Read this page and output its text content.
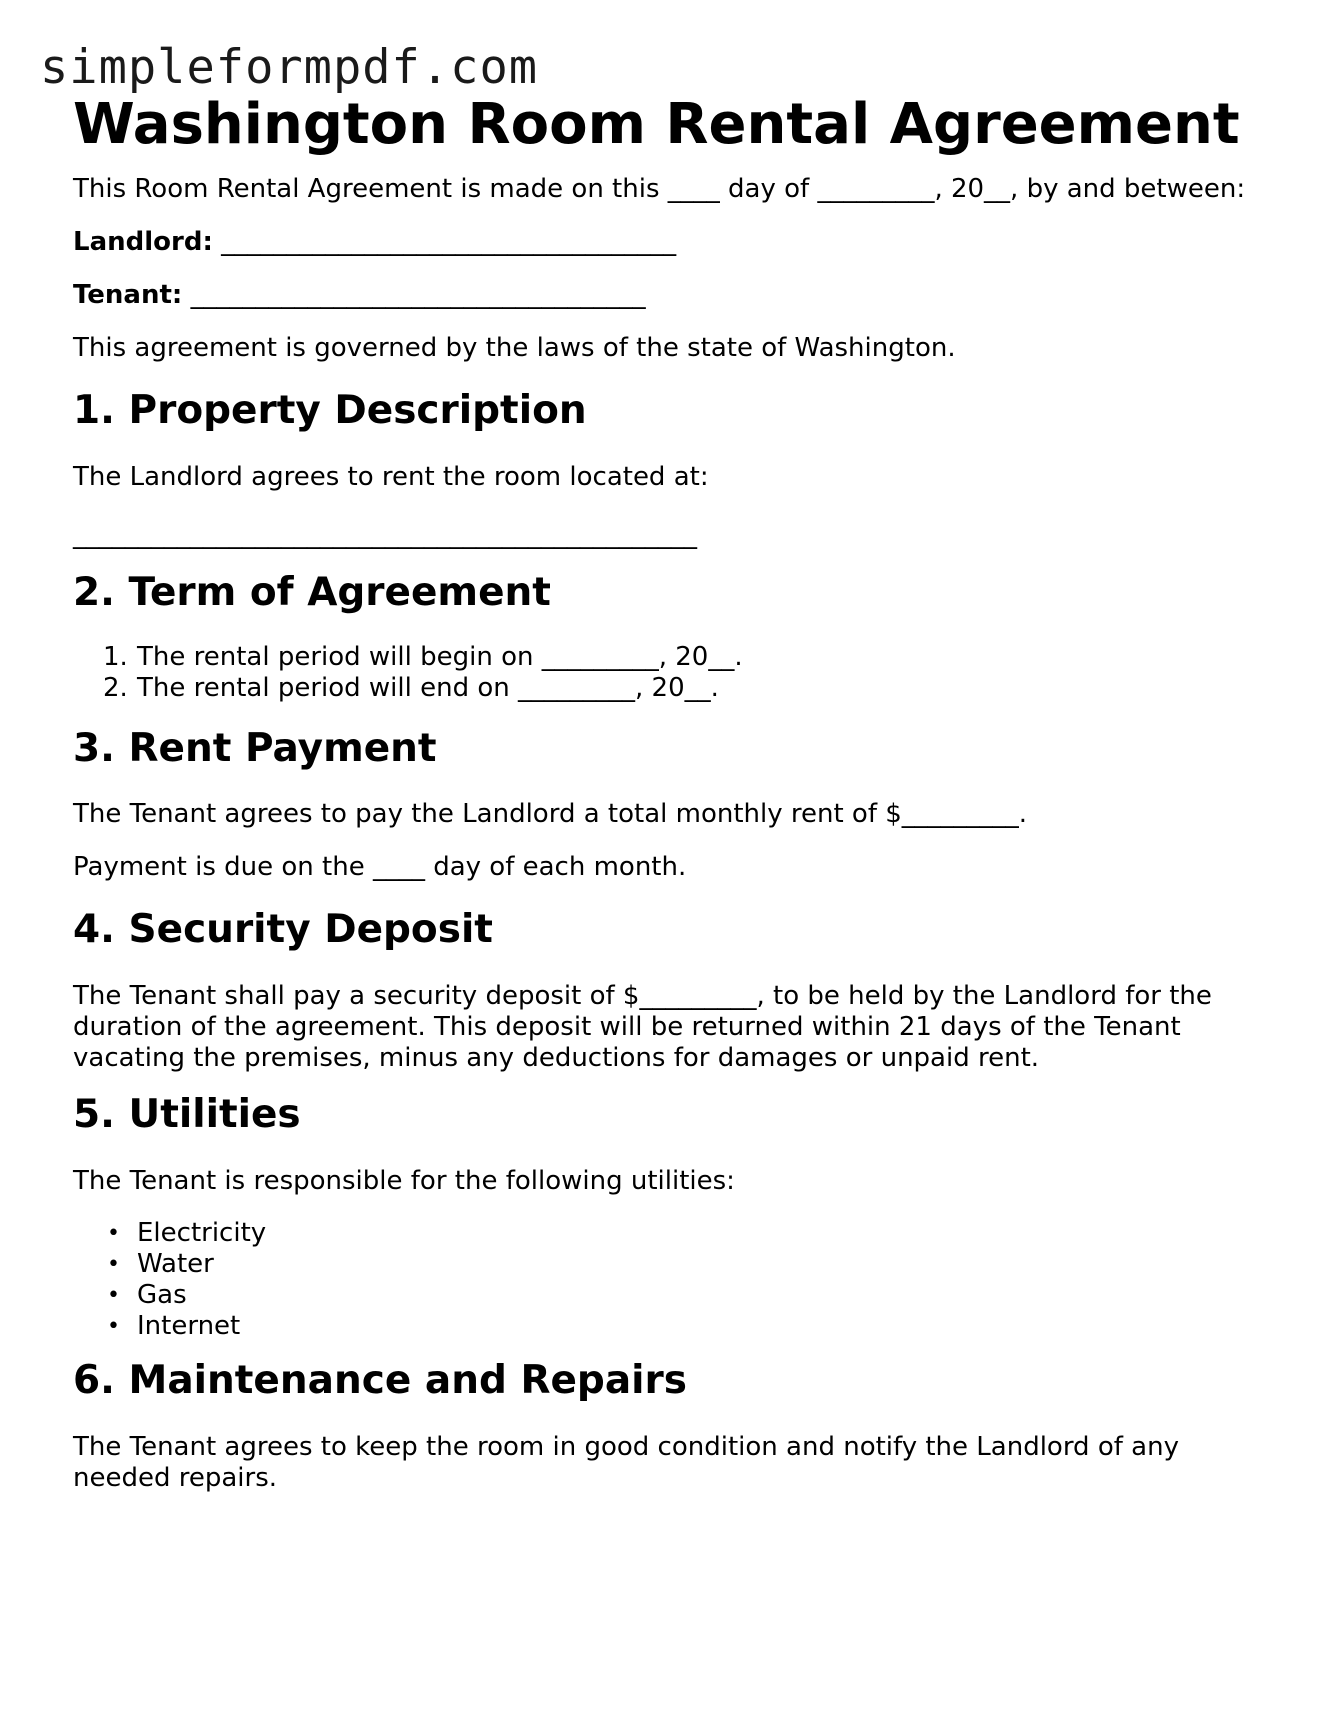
simpleformpdf.com
Washington Room Rental Agreement

This Room Rental Agreement is made on this ____ day of _________, 20__, by and between:

Landlord: ___________________________________

Tenant: ___________________________________

This agreement is governed by the laws of the state of Washington.

1. Property Description

The Landlord agrees to rent the room located at:

________________________________________________

2. Term of Agreement
1. The rental period will begin on _________, 20__.
2. The rental period will end on _________, 20__.
3. Rent Payment

The Tenant agrees to pay the Landlord a total monthly rent of $_________.

Payment is due on the ____ day of each month.

4. Security Deposit

The Tenant shall pay a security deposit of $_________, to be held by the Landlord for the duration of the agreement. This deposit will be returned within 21 days of the Tenant vacating the premises, minus any deductions for damages or unpaid rent.

5. Utilities

The Tenant is responsible for the following utilities:

• Electricity
• Water
• Gas
• Internet
6. Maintenance and Repairs

The Tenant agrees to keep the room in good condition and notify the Landlord of any needed repairs.
